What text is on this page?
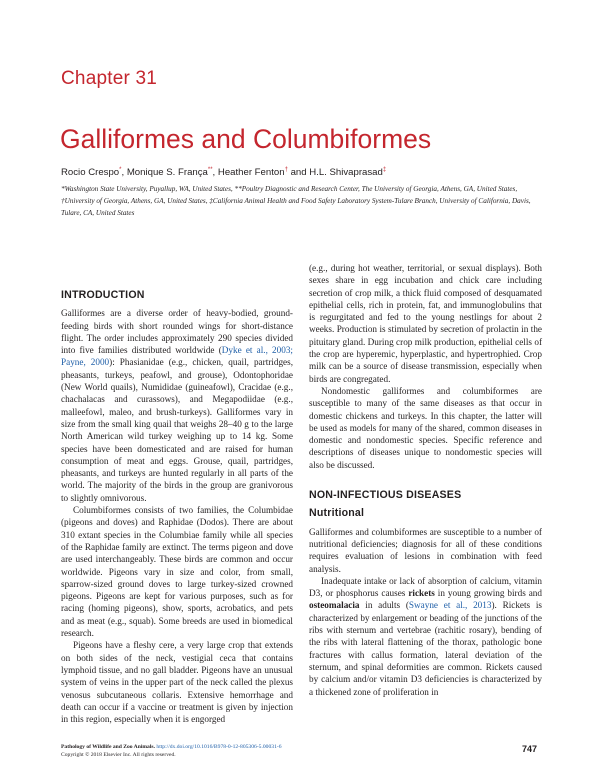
Chapter 31
Galliformes and Columbiformes
Rocio Crespo*, Monique S. França**, Heather Fenton† and H.L. Shivaprasad‡
*Washington State University, Puyallup, WA, United States, **Poultry Diagnostic and Research Center, The University of Georgia, Athens, GA, United States, †University of Georgia, Athens, GA, United States, ‡California Animal Health and Food Safety Laboratory System-Tulare Branch, University of California, Davis, Tulare, CA, United States
INTRODUCTION

Galliformes are a diverse order of heavy-bodied, ground-feeding birds with short rounded wings for short-distance flight. The order includes approximately 290 species divided into five families distributed worldwide (Dyke et al., 2003; Payne, 2000): Phasianidae (e.g., chicken, quail, partridges, pheasants, turkeys, peafowl, and grouse), Odontophoridae (New World quails), Numididae (guineafowl), Cracidae (e.g., chachalacas and curassows), and Megapodiidae (e.g., malleefowl, maleo, and brush-turkeys). Galliformes vary in size from the small king quail that weighs 28–40 g to the large North American wild turkey weighing up to 14 kg. Some species have been domesticated and are raised for human consumption of meat and eggs. Grouse, quail, partridges, pheasants, and turkeys are hunted regularly in all parts of the world. The majority of the birds in the group are granivorous to slightly omnivorous.

Columbiformes consists of two families, the Columbidae (pigeons and doves) and Raphidae (Dodos). There are about 310 extant species in the Columbiae family while all species of the Raphidae family are extinct. The terms pigeon and dove are used interchangeably. These birds are common and occur worldwide. Pigeons vary in size and color, from small, sparrow-sized ground doves to large turkey-sized crowned pigeons. Pigeons are kept for various purposes, such as for racing (homing pigeons), show, sports, acrobatics, and pets and as meat (e.g., squab). Some breeds are used in biomedical research.

Pigeons have a fleshy cere, a very large crop that extends on both sides of the neck, vestigial ceca that contains lymphoid tissue, and no gall bladder. Pigeons have an unusual system of veins in the upper part of the neck called the plexus venosus subcutaneous collaris. Extensive hemorrhage and death can occur if a vaccine or treatment is given by injection in this region, especially when it is engorged

(e.g., during hot weather, territorial, or sexual displays). Both sexes share in egg incubation and chick care including secretion of crop milk, a thick fluid composed of desquamated epithelial cells, rich in protein, fat, and immunoglobulins that is regurgitated and fed to the young nestlings for about 2 weeks. Production is stimulated by secretion of prolactin in the pituitary gland. During crop milk production, epithelial cells of the crop are hyperemic, hyperplastic, and hypertrophied. Crop milk can be a source of disease transmission, especially when birds are congregated.

Nondomestic galliformes and columbiformes are susceptible to many of the same diseases as that occur in domestic chickens and turkeys. In this chapter, the latter will be used as models for many of the shared, common diseases in domestic and nondomestic species. Specific reference and descriptions of diseases unique to nondomestic species will also be discussed.

NON-INFECTIOUS DISEASES
Nutritional

Galliformes and columbiformes are susceptible to a number of nutritional deficiencies; diagnosis for all of these conditions requires evaluation of lesions in combination with feed analysis.

Inadequate intake or lack of absorption of calcium, vitamin D3, or phosphorus causes rickets in young growing birds and osteomalacia in adults (Swayne et al., 2013). Rickets is characterized by enlargement or beading of the junctions of the ribs with sternum and vertebrae (rachitic rosary), bending of the ribs with lateral flattening of the thorax, pathologic bone fractures with callus formation, lateral deviation of the sternum, and spinal deformities are common. Rickets caused by calcium and/or vitamin D3 deficiencies is characterized by a thickened zone of proliferation in

Pathology of Wildlife and Zoo Animals. http://dx.doi.org/10.1016/B978-0-12-805306-5.00031-6
Copyright © 2018 Elsevier Inc. All rights reserved.
747
